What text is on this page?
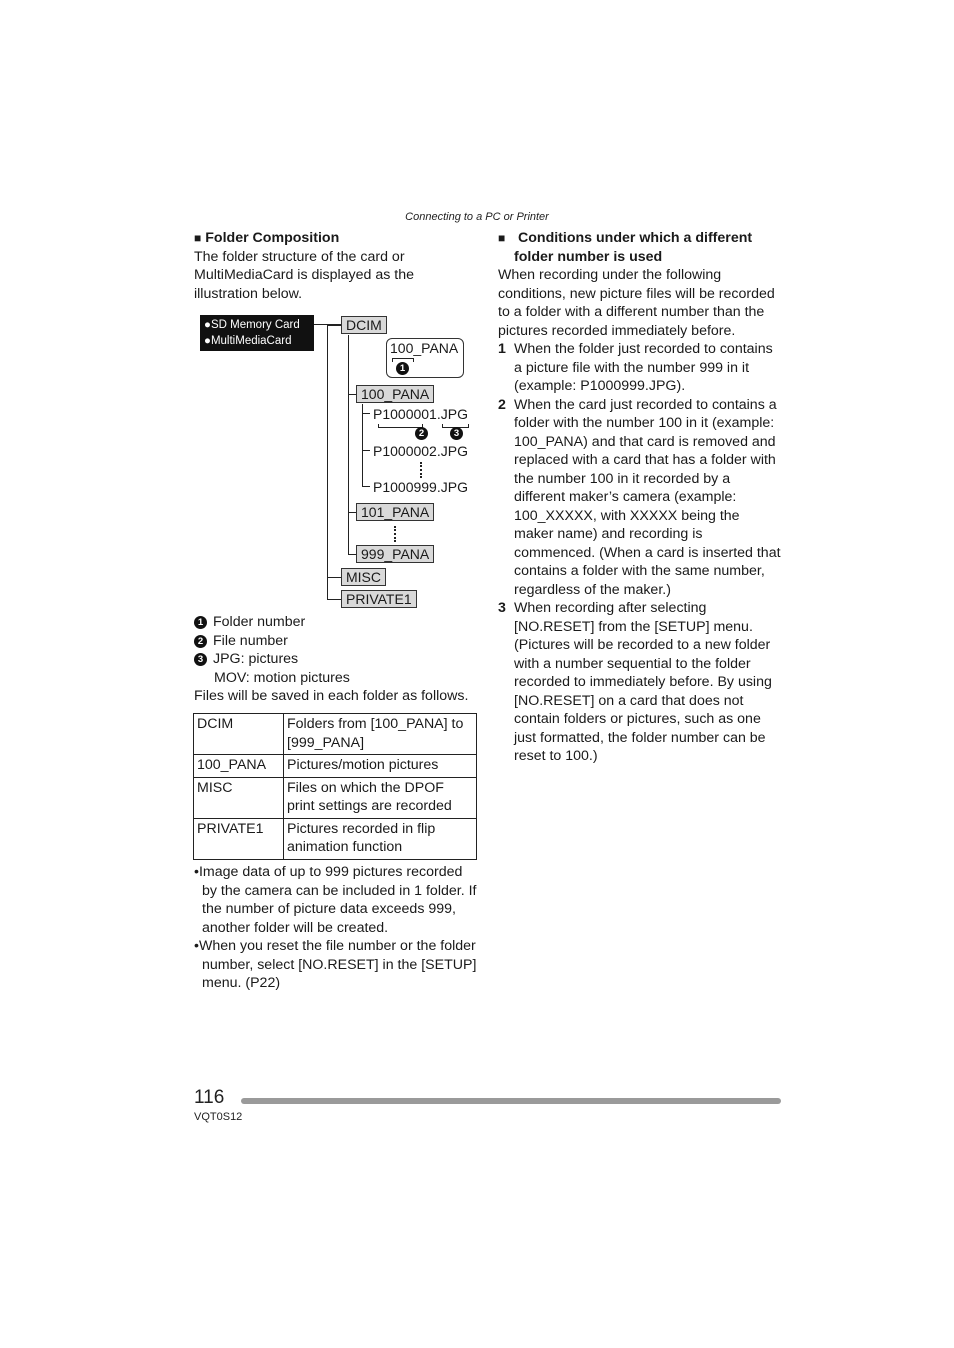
Connecting to a PC or Printer
■ Folder Composition
The folder structure of the card or MultiMediaCard is displayed as the illustration below.
●SD Memory Card
●MultiMediaCard
DCIM
100_PANA
1
100_PANA
P1000001.JPG
2	3
P1000002.JPG
P1000999.JPG
101_PANA
999_PANA
MISC
PRIVATE1
1 Folder number
2 File number
3 JPG: pictures
MOV: motion pictures
Files will be saved in each folder as follows.
DCIM	Folders from [100_PANA] to [999_PANA]
100_PANA	Pictures/motion pictures
MISC	Files on which the DPOF print settings are recorded
PRIVATE1	Pictures recorded in flip animation function
•Image data of up to 999 pictures recorded by the camera can be included in 1 folder. If the number of picture data exceeds 999, another folder will be created.
•When you reset the file number or the folder number, select [NO.RESET] in the [SETUP] menu. (P22)
■ Conditions under which a different folder number is used
When recording under the following conditions, new picture files will be recorded to a folder with a different number than the pictures recorded immediately before.
1 When the folder just recorded to contains a picture file with the number 999 in it (example: P1000999.JPG).
2 When the card just recorded to contains a folder with the number 100 in it (example: 100_PANA) and that card is removed and replaced with a card that has a folder with the number 100 in it recorded by a different maker’s camera (example: 100_XXXXX, with XXXXX being the maker name) and recording is commenced. (When a card is inserted that contains a folder with the same number, regardless of the maker.)
3 When recording after selecting [NO.RESET] from the [SETUP] menu. (Pictures will be recorded to a new folder with a number sequential to the folder recorded to immediately before. By using [NO.RESET] on a card that does not contain folders or pictures, such as one just formatted, the folder number can be reset to 100.)
116
VQT0S12
